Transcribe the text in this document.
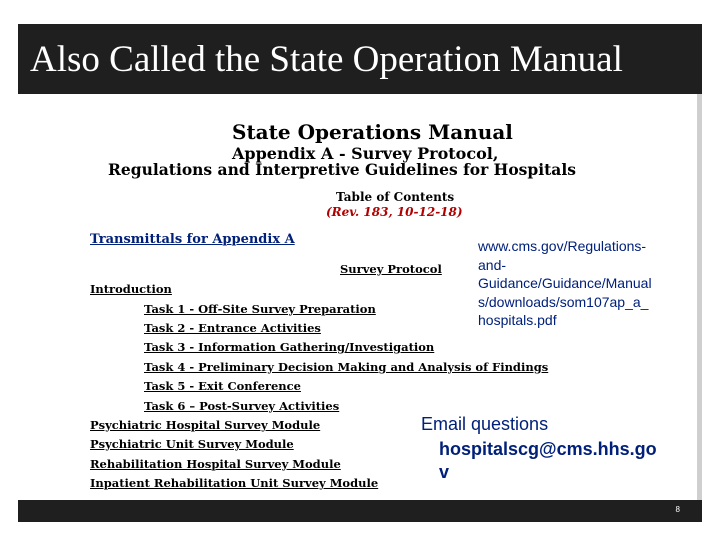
Also Called the State Operation Manual
State Operations Manual
Appendix A - Survey Protocol,
Regulations and Interpretive Guidelines for Hospitals
Table of Contents
(Rev. 183, 10-12-18)
Transmittals for Appendix A
Survey Protocol
Introduction
Task 1 - Off-Site Survey Preparation
Task 2 - Entrance Activities
Task 3 - Information Gathering/Investigation
Task 4 - Preliminary Decision Making and Analysis of Findings
Task 5 - Exit Conference
Task 6 – Post-Survey Activities
Psychiatric Hospital Survey Module
Psychiatric Unit Survey Module
Rehabilitation Hospital Survey Module
Inpatient Rehabilitation Unit Survey Module
www.cms.gov/Regulations-
and-
Guidance/Guidance/Manual
s/downloads/som107ap_a_
hospitals.pdf
Email questions
hospitalscg@cms.hhs.go
v
8
